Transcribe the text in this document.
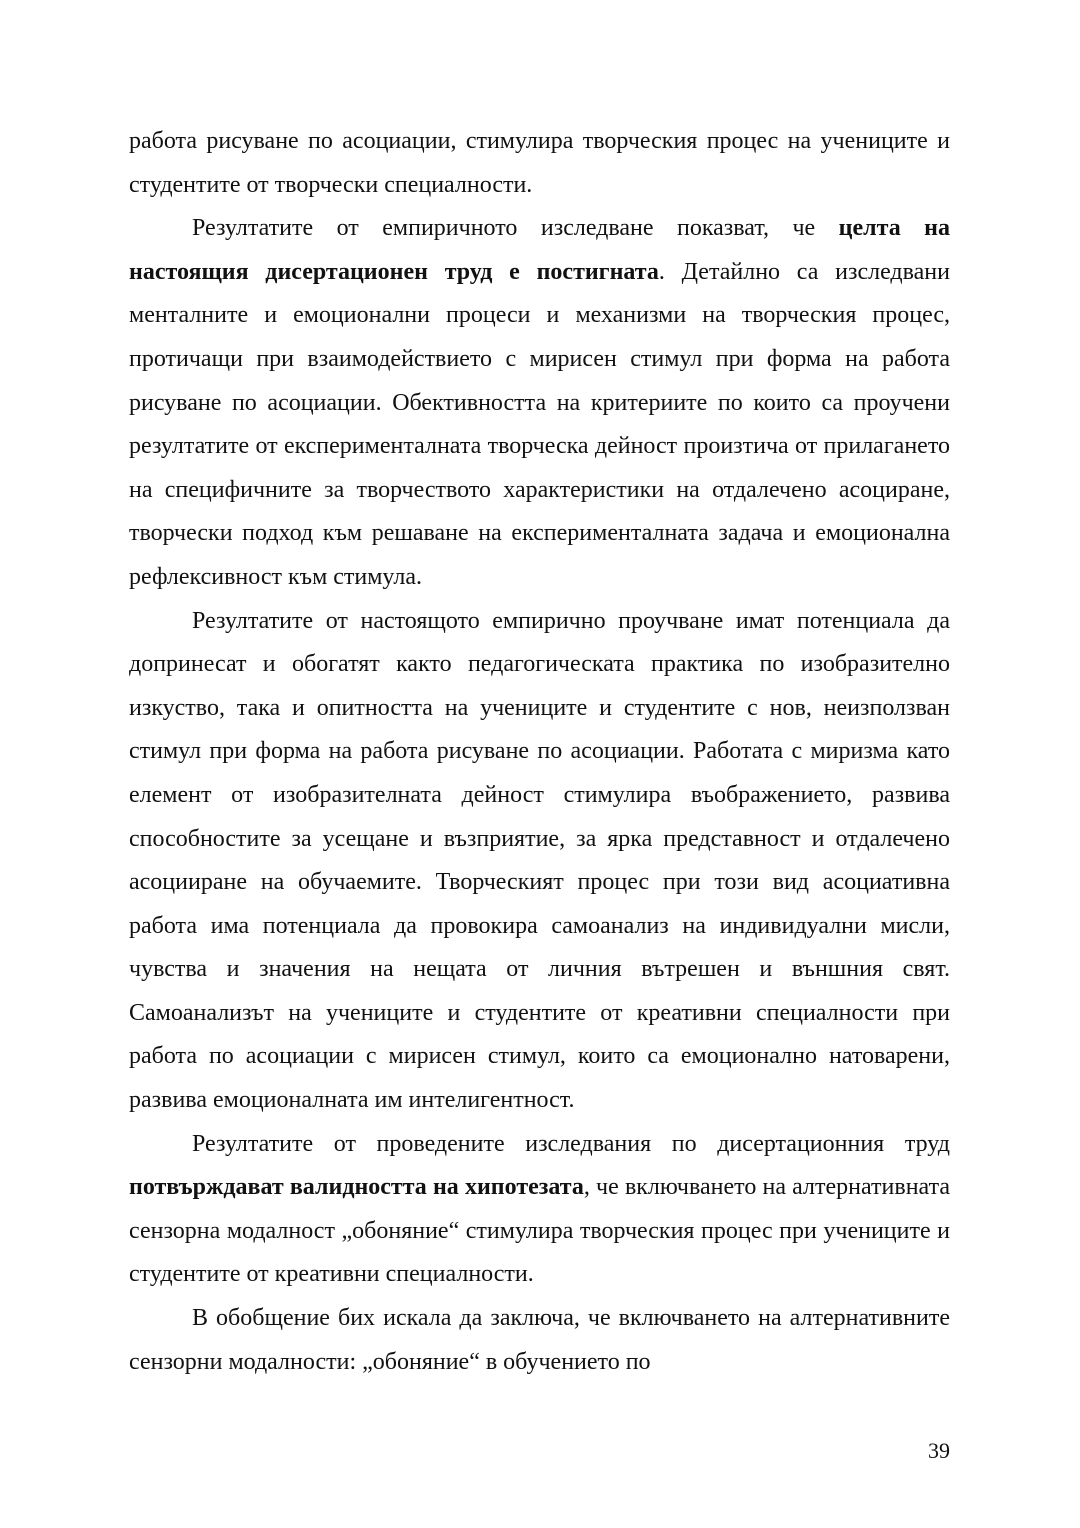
работа рисуване по асоциации, стимулира творческия процес на учениците и студентите от творчески специалности.

Резултатите от емпиричното изследване показват, че целта на настоящия дисертационен труд е постигната. Детайлно са изследвани менталните и емоционални процеси и механизми на творческия процес, протичащи при взаимодействието с мирисен стимул при форма на работа рисуване по асоциации. Обективността на критериите по които са проучени резултатите от експерименталната творческа дейност произтича от прилагането на специфичните за творчеството характеристики на отдалечено асоциране, творчески подход към решаване на експерименталната задача и емоционална рефлексивност към стимула.

Резултатите от настоящото емпирично проучване имат потенциала да допринесат и обогатят както педагогическата практика по изобразително изкуство, така и опитността на учениците и студентите с нов, неизползван стимул при форма на работа рисуване по асоциации. Работата с миризма като елемент от изобразителната дейност стимулира въображението, развива способностите за усещане и възприятие, за ярка представност и отдалечено асоцииране на обучаемите. Творческият процес при този вид асоциативна работа има потенциала да провокира самоанализ на индивидуални мисли, чувства и значения на нещата от личния вътрешен и външния свят. Самоанализът на учениците и студентите от креативни специалности при работа по асоциации с мирисен стимул, които са емоционално натоварени, развива емоционалната им интелигентност.

Резултатите от проведените изследвания по дисертационния труд потвърждават валидността на хипотезата, че включването на алтернативната сензорна модалност „обоняние“ стимулира творческия процес при учениците и студентите от креативни специалности.

В обобщение бих искала да заключа, че включването на алтернативните сензорни модалности: „обоняние“ в обучението по

39
